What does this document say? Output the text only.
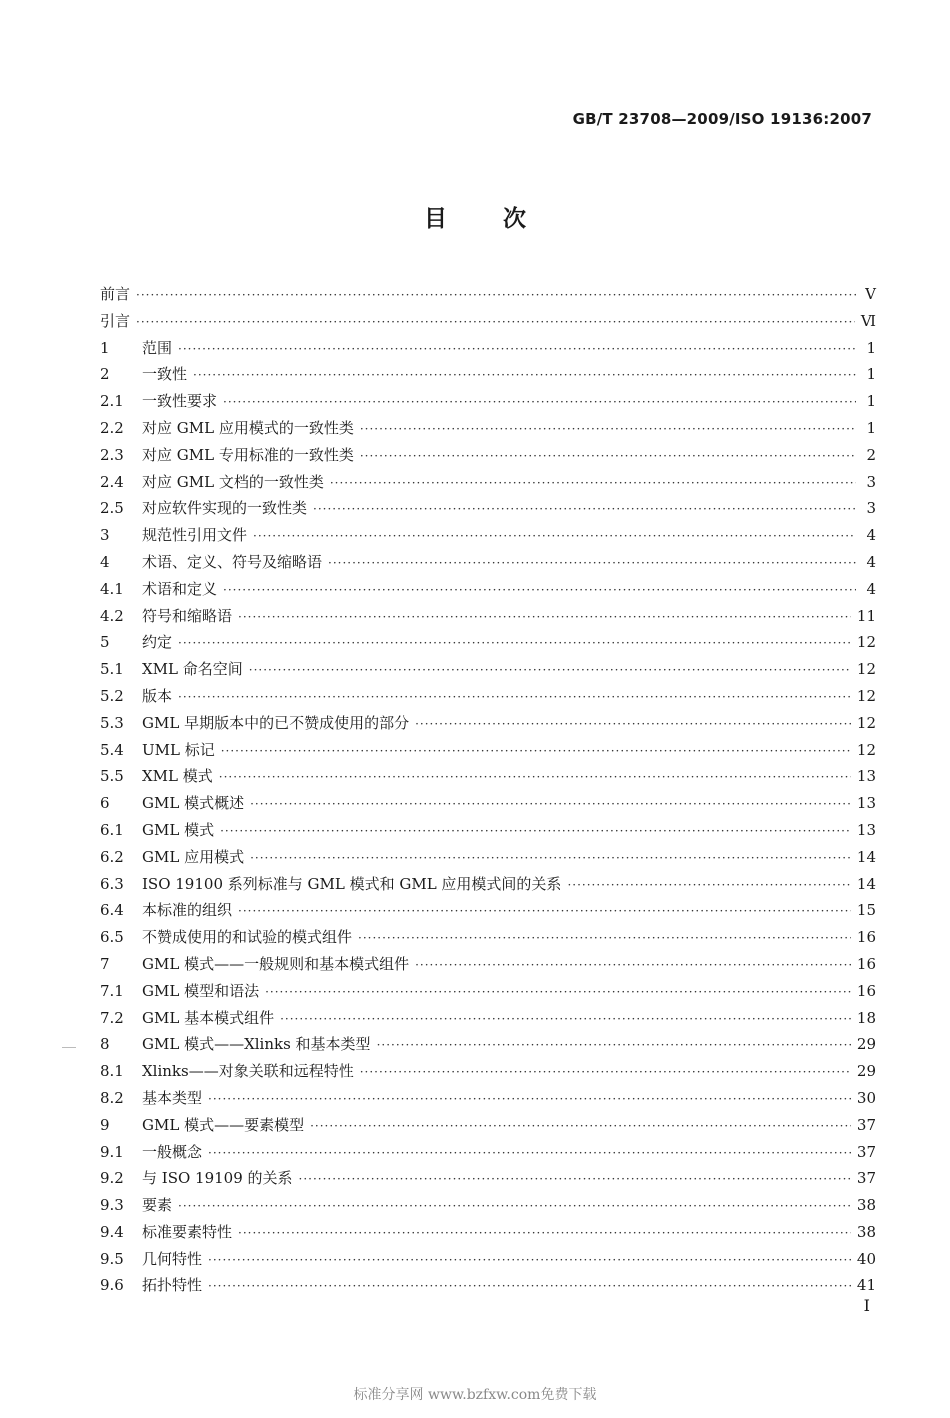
GB/T 23708—2009/ISO 19136:2007
目 次
前言 ·····	Ⅴ
引言 ·····	Ⅵ
1	范围 ·····	1
2	一致性 ·····	1
2.1	一致性要求 ·····	1
2.2	对应 GML 应用模式的一致性类 ·····	1
2.3	对应 GML 专用标准的一致性类 ·····	2
2.4	对应 GML 文档的一致性类 ·····	3
2.5	对应软件实现的一致性类 ·····	3
3	规范性引用文件 ·····	4
4	术语、定义、符号及缩略语 ·····	4
4.1	术语和定义 ·····	4
4.2	符号和缩略语 ·····	11
5	约定 ·····	12
5.1	XML 命名空间 ·····	12
5.2	版本 ·····	12
5.3	GML 早期版本中的已不赞成使用的部分 ·····	12
5.4	UML 标记 ·····	12
5.5	XML 模式 ·····	13
6	GML 模式概述 ·····	13
6.1	GML 模式 ·····	13
6.2	GML 应用模式 ·····	14
6.3	ISO 19100 系列标准与 GML 模式和 GML 应用模式间的关系 ·····	14
6.4	本标准的组织 ·····	15
6.5	不赞成使用的和试验的模式组件 ·····	16
7	GML 模式——一般规则和基本模式组件 ·····	16
7.1	GML 模型和语法 ·····	16
7.2	GML 基本模式组件 ·····	18
8	GML 模式——Xlinks 和基本类型 ·····	29
8.1	Xlinks——对象关联和远程特性 ·····	29
8.2	基本类型 ·····	30
9	GML 模式——要素模型 ·····	37
9.1	一般概念 ·····	37
9.2	与 ISO 19109 的关系 ·····	37
9.3	要素 ·····	38
9.4	标准要素特性 ·····	38
9.5	几何特性 ·····	40
9.6	拓扑特性 ·····	41
Ⅰ
标准分享网 www.bzfxw.com免费下载
